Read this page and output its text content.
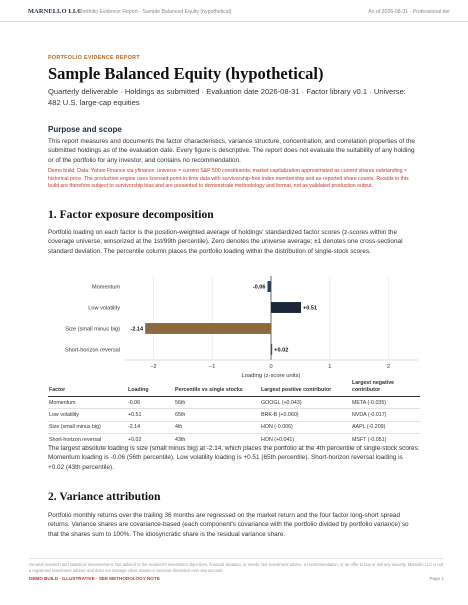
MARNELLO LLC
Portfolio Evidence Report · Sample Balanced Equity (hypothetical)	As of 2026-08-31 · Professional tier
PORTFOLIO EVIDENCE REPORT
Sample Balanced Equity (hypothetical)
Quarterly deliverable · Holdings as submitted · Evaluation date 2026-08-31 · Factor library v0.1 · Universe: 482 U.S. large-cap equities
Purpose and scope

This report measures and documents the factor characteristics, variance structure, concentration, and correlation properties of the submitted holdings as of the evaluation date. Every figure is descriptive. The report does not evaluate the suitability of any holding or of the portfolio for any investor, and contains no recommendation.

Demo build. Data: Yahoo Finance via yfinance; universe = current S&P 500 constituents; market capitalization approximated as current shares outstanding × historical price. The production engine uses licensed point-in-time data with survivorship-free index membership and as-reported share counts. Results in this build are therefore subject to survivorship bias and are presented to demonstrate methodology and format, not as validated production output.

1. Factor exposure decomposition

Portfolio loading on each factor is the position-weighted average of holdings' standardized factor scores (z-scores within the coverage universe, winsorized at the 1st/99th percentile). Zero denotes the universe average; ±1 denotes one cross-sectional standard deviation. The percentile column places the portfolio loading within the distribution of single-stock scores.

−2	−1	0	1	2
Momentum	-0.06
Low volatility	+0.51
Size (small minus big) -2.14
Short-horizon reversal	+0.02
Loading (z-score units)
Factor	Loading	Percentile vs single stocks	Largest positive contributor	Largest negative contributor
Momentum	-0.06	56th	GOOGL (+0.043)	META (-0.035)
Low volatility	+0.51	65th	BRK-B (+0.060)	NVDA (-0.017)
Size (small minus big)	-2.14	4th	HON (-0.006)	AAPL (-0.209)
Short-horizon reversal	+0.02	43th	HON (+0.041)	MSFT (-0.051)

The largest absolute loading is size (small minus big) at -2.14, which places the portfolio at the 4th percentile of single-stock scores. Momentum loading is -0.06 (56th percentile). Low volatility loading is +0.51 (65th percentile). Short-horizon reversal loading is +0.02 (43th percentile).

2. Variance attribution

Portfolio monthly returns over the trailing 36 months are regressed on the market return and the four factor long-short spread returns. Variance shares are covariance-based (each component's covariance with the portfolio divided by portfolio variance) so that the shares sum to 100%. The idiosyncratic share is the residual variance share.

General research and statistical measurement. Not tailored to the recipient's investment objectives, financial situation, or needs. Not investment advice, a recommendation, or an offer to buy or sell any security. Marnello LLC is not a registered investment adviser and does not manage client assets or exercise discretion over any account.

DEMO BUILD · ILLUSTRATIVE · SEE METHODOLOGY NOTE	Page 1
